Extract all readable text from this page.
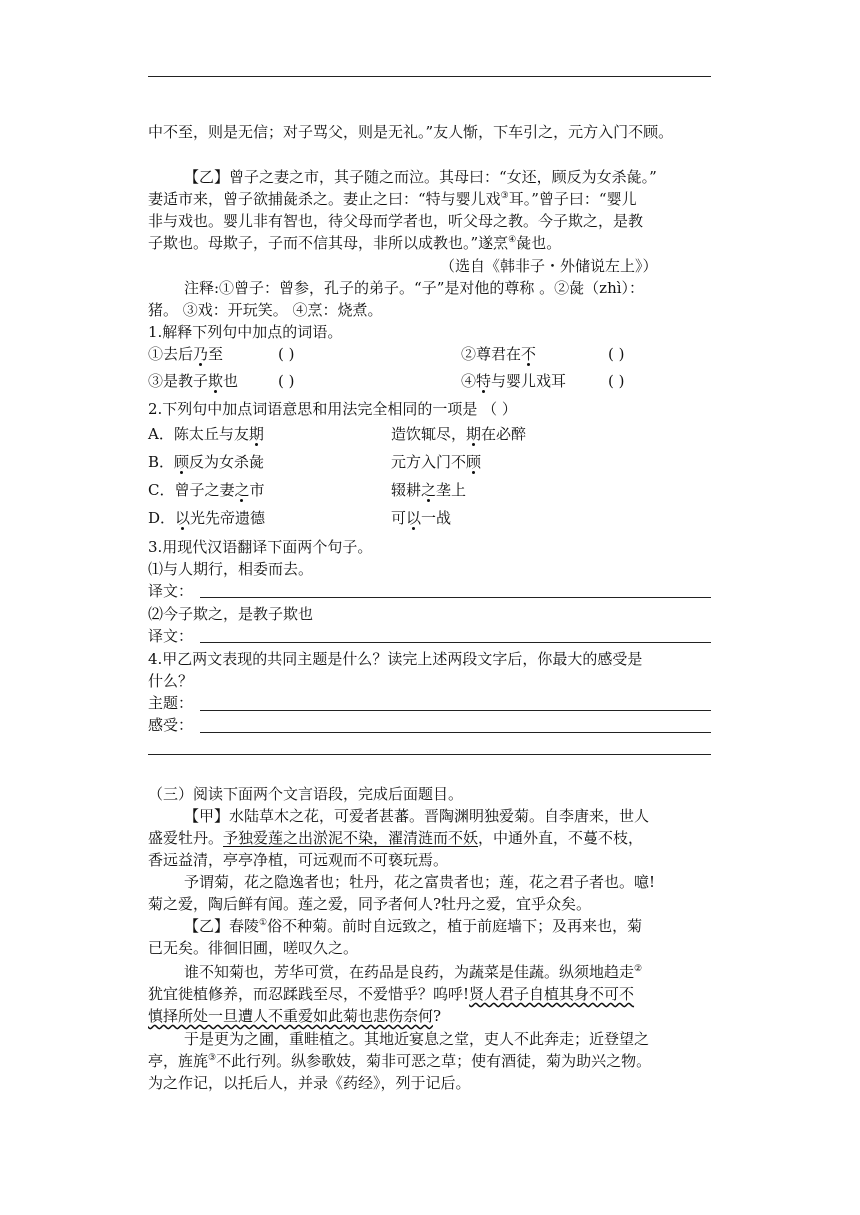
中不至，则是无信；对子骂父，则是无礼。”友人惭，下车引之，元方入门不顾。
【乙】曾子之妻之市，其子随之而泣。其母曰：“女还，顾反为女杀彘。”
妻适市来，曾子欲捕彘杀之。妻止之曰：“特与婴儿戏③耳。”曾子曰：“婴儿
非与戏也。婴儿非有智也，待父母而学者也，听父母之教。今子欺之，是教
子欺也。母欺子，子而不信其母，非所以成教也。”遂烹④彘也。
（选自《韩非子・外储说左上》）
注释:①曾子：曾参，孔子的弟子。“子”是对他的尊称 。②彘（zhì）：
猪。 ③戏：开玩笑。 ④烹：烧煮。
1.解释下列句中加点的词语。
①去后乃至	( )	②尊君在不	( )
③是教子欺也	( )	④特与婴儿戏耳	( )
2.下列句中加点词语意思和用法完全相同的一项是 （ ）
A．陈太丘与友期	造饮辄尽，期在必醉
B．顾反为女杀彘	元方入门不顾
C．曾子之妻之市	辍耕之垄上
D．以光先帝遗德	可以一战
3.用现代汉语翻译下面两个句子。
⑴与人期行，相委而去。
译文：
⑵今子欺之，是教子欺也
译文：
4.甲乙两文表现的共同主题是什么？读完上述两段文字后，你最大的感受是
什么？
主题：
感受：
（三）阅读下面两个文言语段，完成后面题目。
【甲】水陆草木之花，可爱者甚蕃。晋陶渊明独爱菊。自李唐来，世人
盛爱牡丹。予独爱莲之出淤泥不染，濯清涟而不妖，中通外直，不蔓不枝，
香远益清，亭亭净植，可远观而不可亵玩焉。
予谓菊，花之隐逸者也；牡丹，花之富贵者也；莲，花之君子者也。噫!
菊之爱，陶后鲜有闻。莲之爱，同予者何人?牡丹之爱，宜乎众矣。
【乙】春陵①俗不种菊。前时自远致之，植于前庭墙下；及再来也，菊
已无矣。徘徊旧圃，嗟叹久之。
谁不知菊也，芳华可赏，在药品是良药，为蔬菜是佳蔬。纵须地趋走②
犹宜徙植修养，而忍蹂践至尽，不爱惜乎？呜呼!贤人君子自植其身不可不
慎择所处一旦遭人不重爱如此菊也悲伤奈何?
于是更为之圃，重畦植之。其地近宴息之堂，吏人不此奔走；近登望之
亭，旌旄③不此行列。纵参歌妓，菊非可恶之草；使有酒徒，菊为助兴之物。
为之作记，以托后人，并录《药经》，列于记后。
